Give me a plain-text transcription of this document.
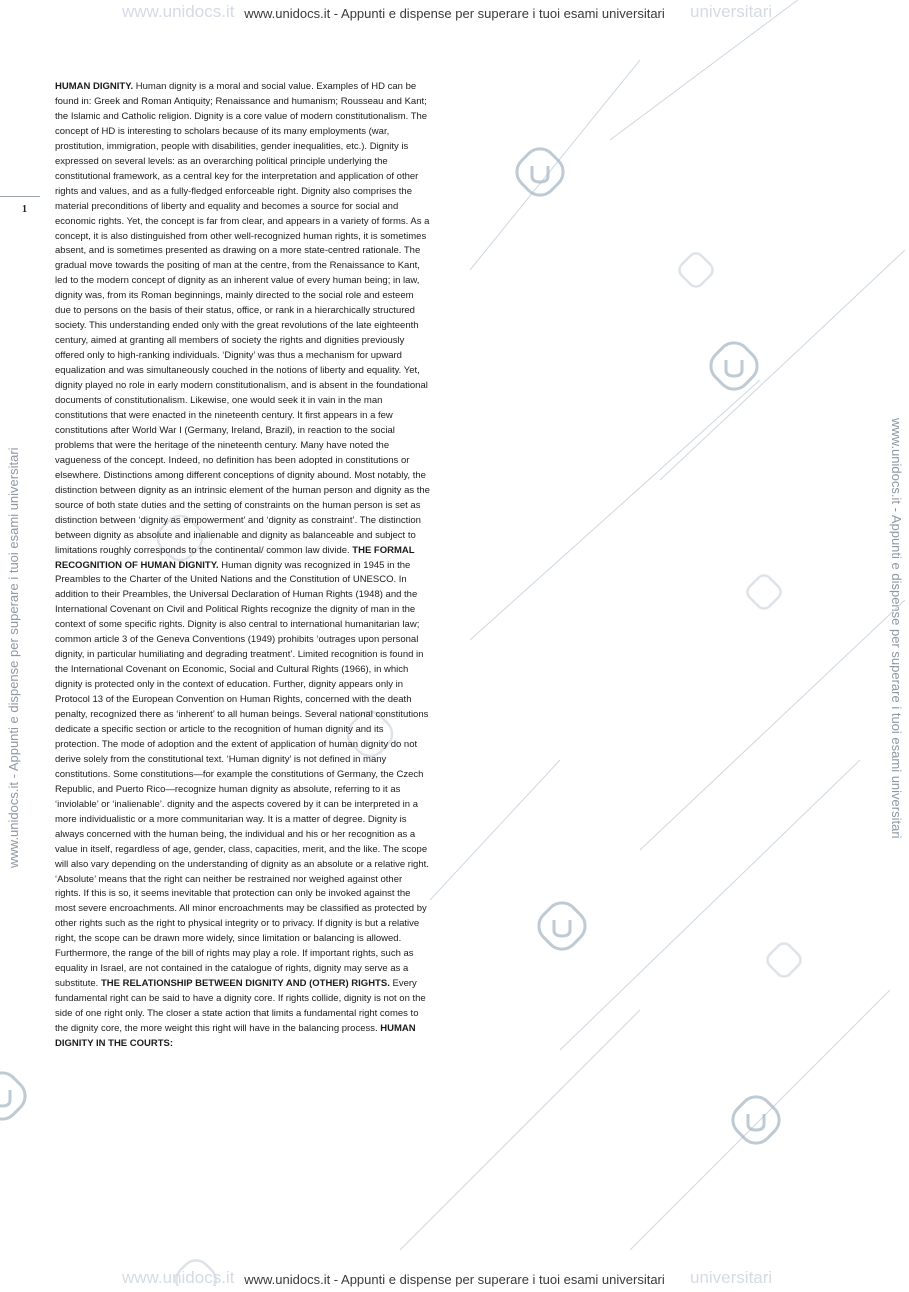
www.unidocs.it www.unidocs.it - Appunti e dispense per superare i tuoi esami universitari universitari
1
www.unidocs.it - Appunti e dispense per superare i tuoi esami universitari	www.unidocs.it - Appunti e dispense per superare i tuoi esami universitari

HUMAN DIGNITY. Human dignity is a moral and social value. Examples of HD can be found in: Greek and Roman Antiquity; Renaissance and humanism; Rousseau and Kant; the Islamic and Catholic religion. Dignity is a core value of modern constitutionalism. The concept of HD is interesting to scholars because of its many employments (war, prostitution, immigration, people with disabilities, gender inequalities, etc.). Dignity is expressed on several levels: as an overarching political principle underlying the constitutional framework, as a central key for the interpretation and application of other rights and values, and as a fully-fledged enforceable right. Dignity also comprises the material preconditions of liberty and equality and becomes a source for social and economic rights. Yet, the concept is far from clear, and appears in a variety of forms. As a concept, it is also distinguished from other well-recognized human rights, it is sometimes absent, and is sometimes presented as drawing on a more state-centred rationale. The gradual move towards the positing of man at the centre, from the Renaissance to Kant, led to the modern concept of dignity as an inherent value of every human being; in law, dignity was, from its Roman beginnings, mainly directed to the social role and esteem due to persons on the basis of their status, office, or rank in a hierarchically structured society. This understanding ended only with the great revolutions of the late eighteenth century, aimed at granting all members of society the rights and dignities previously offered only to high-ranking individuals. ‘Dignity’ was thus a mechanism for upward equalization and was simultaneously couched in the notions of liberty and equality. Yet, dignity played no role in early modern constitutionalism, and is absent in the foundational documents of constitutionalism. Likewise, one would seek it in vain in the man constitutions that were enacted in the nineteenth century. It first appears in a few constitutions after World War I (Germany, Ireland, Brazil), in reaction to the social problems that were the heritage of the nineteenth century. Many have noted the vagueness of the concept. Indeed, no definition has been adopted in constitutions or elsewhere. Distinctions among different conceptions of dignity abound. Most notably, the distinction between dignity as an intrinsic element of the human person and dignity as the source of both state duties and the setting of constraints on the human person is set as distinction between ‘dignity as empowerment’ and ‘dignity as constraint’. The distinction between dignity as absolute and inalienable and dignity as balanceable and subject to limitations roughly corresponds to the continental/ common law divide. THE FORMAL RECOGNITION OF HUMAN DIGNITY. Human dignity was recognized in 1945 in the Preambles to the Charter of the United Nations and the Constitution of UNESCO. In addition to their Preambles, the Universal Declaration of Human Rights (1948) and the International Covenant on Civil and Political Rights recognize the dignity of man in the context of some specific rights. Dignity is also central to international humanitarian law; common article 3 of the Geneva Conventions (1949) prohibits ‘outrages upon personal dignity, in particular humiliating and degrading treatment’. Limited recognition is found in the International Covenant on Economic, Social and Cultural Rights (1966), in which dignity is protected only in the context of education. Further, dignity appears only in Protocol 13 of the European Convention on Human Rights, concerned with the death penalty, recognized there as ‘inherent’ to all human beings. Several national constitutions dedicate a specific section or article to the recognition of human dignity and its protection. The mode of adoption and the extent of application of human dignity do not derive solely from the constitutional text. ‘Human dignity’ is not defined in many constitutions. Some constitutions—for example the constitutions of Germany, the Czech Republic, and Puerto Rico—recognize human dignity as absolute, referring to it as ‘inviolable’ or ‘inalienable’. dignity and the aspects covered by it can be interpreted in a more individualistic or a more communitarian way. It is a matter of degree. Dignity is always concerned with the human being, the individual and his or her recognition as a value in itself, regardless of age, gender, class, capacities, merit, and the like. The scope will also vary depending on the understanding of dignity as an absolute or a relative right. ‘Absolute’ means that the right can neither be restrained nor weighed against other rights. If this is so, it seems inevitable that protection can only be invoked against the most severe encroachments. All minor encroachments may be classified as protected by other rights such as the right to physical integrity or to privacy. If dignity is but a relative right, the scope can be drawn more widely, since limitation or balancing is allowed. Furthermore, the range of the bill of rights may play a role. If important rights, such as equality in Israel, are not contained in the catalogue of rights, dignity may serve as a substitute. THE RELATIONSHIP BETWEEN DIGNITY AND (OTHER) RIGHTS. Every fundamental right can be said to have a dignity core. If rights collide, dignity is not on the side of one right only. The closer a state action that limits a fundamental right comes to the dignity core, the more weight this right will have in the balancing process. HUMAN DIGNITY IN THE COURTS:

www.unidocs.it www.unidocs.it - Appunti e dispense per superare i tuoi esami universitari universitari
